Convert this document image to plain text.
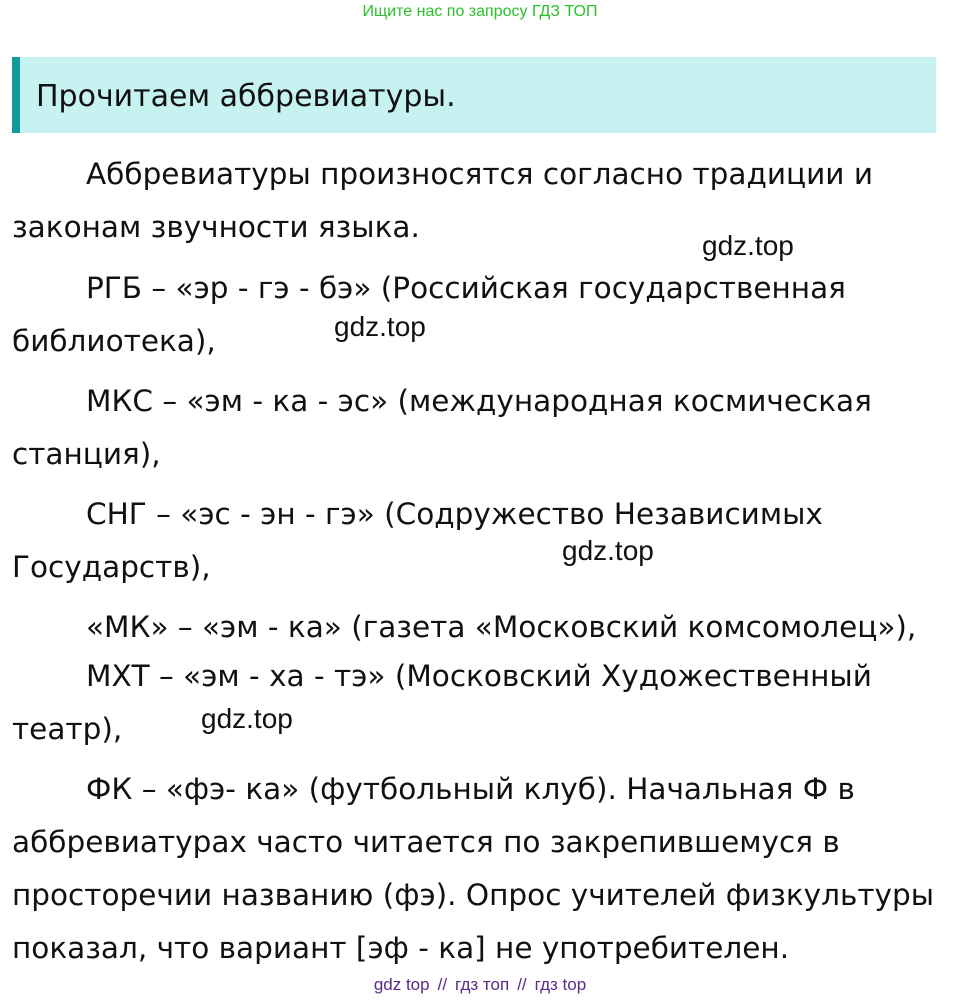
Ищите нас по запросу ГДЗ ТОП
Прочитаем аббревиатуры.

Аббревиатуры произносятся согласно традиции и законам звучности языка.

РГБ – «эр - гэ - бэ» (Российская государственная библиотека),

МКС – «эм - ка - эс» (международная космическая станция),

СНГ – «эс - эн - гэ» (Содружество Независимых Государств),

«МК» – «эм - ка» (газета «Московский комсомолец»),

МХТ – «эм - ха - тэ» (Московский Художественный театр),

ФК – «фэ- ка» (футбольный клуб). Начальная Ф в аббревиатурах часто читается по закрепившемуся в просторечии названию (фэ). Опрос учителей физкультуры показал, что вариант [эф - ка] не употребителен.

gdz.top
gdz.top
gdz.top
gdz.top
gdz top // гдз топ // гдз top
